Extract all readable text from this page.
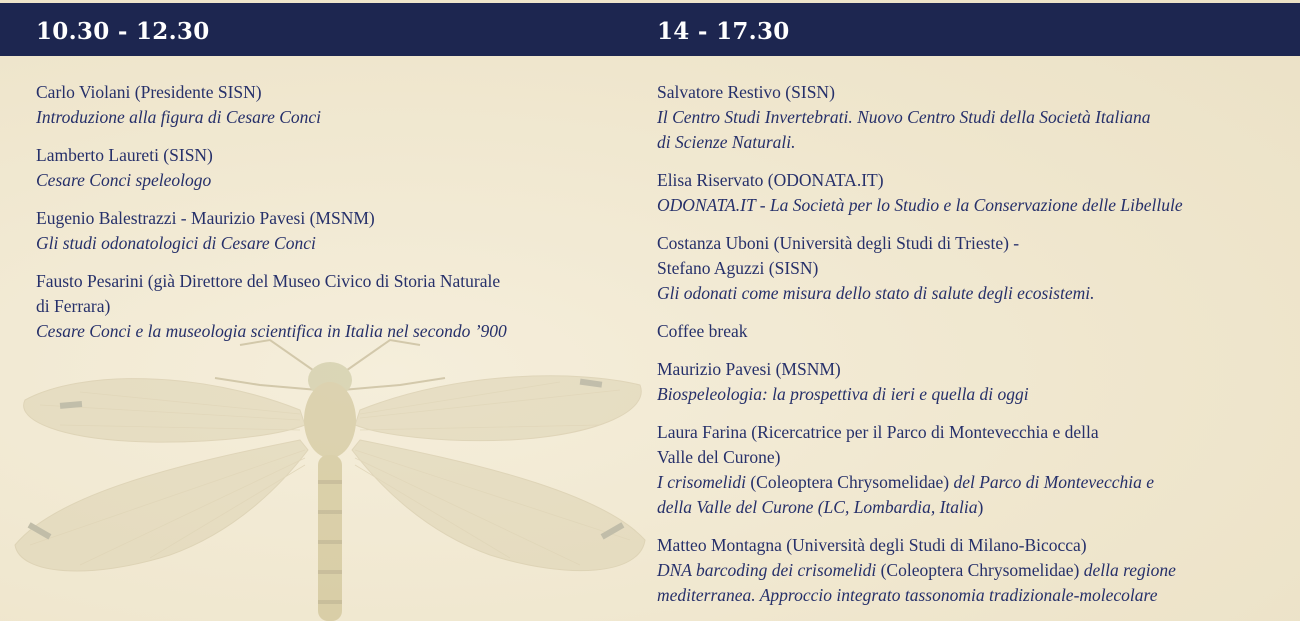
10.30 - 12.30	14 - 17.30
Carlo Violani (Presidente SISN)
Introduzione alla figura di Cesare Conci
Lamberto Laureti (SISN)
Cesare Conci speleologo
Eugenio Balestrazzi - Maurizio Pavesi (MSNM)
Gli studi odonatologici di Cesare Conci
Fausto Pesarini (già Direttore del Museo Civico di Storia Naturale
di Ferrara)
Cesare Conci e la museologia scientifica in Italia nel secondo ’900
Salvatore Restivo (SISN)
Il Centro Studi Invertebrati. Nuovo Centro Studi della Società Italiana
di Scienze Naturali.
Elisa Riservato (ODONATA.IT)
ODONATA.IT - La Società per lo Studio e la Conservazione delle Libellule
Costanza Uboni (Università degli Studi di Trieste) -
Stefano Aguzzi (SISN)
Gli odonati come misura dello stato di salute degli ecosistemi.
Coffee break
Maurizio Pavesi (MSNM)
Biospeleologia: la prospettiva di ieri e quella di oggi
Laura Farina (Ricercatrice per il Parco di Montevecchia e della
Valle del Curone)
I crisomelidi (Coleoptera Chrysomelidae) del Parco di Montevecchia e
della Valle del Curone (LC, Lombardia, Italia)
Matteo Montagna (Università degli Studi di Milano-Bicocca)
DNA barcoding dei crisomelidi (Coleoptera Chrysomelidae) della regione
mediterranea. Approccio integrato tassonomia tradizionale-molecolare
